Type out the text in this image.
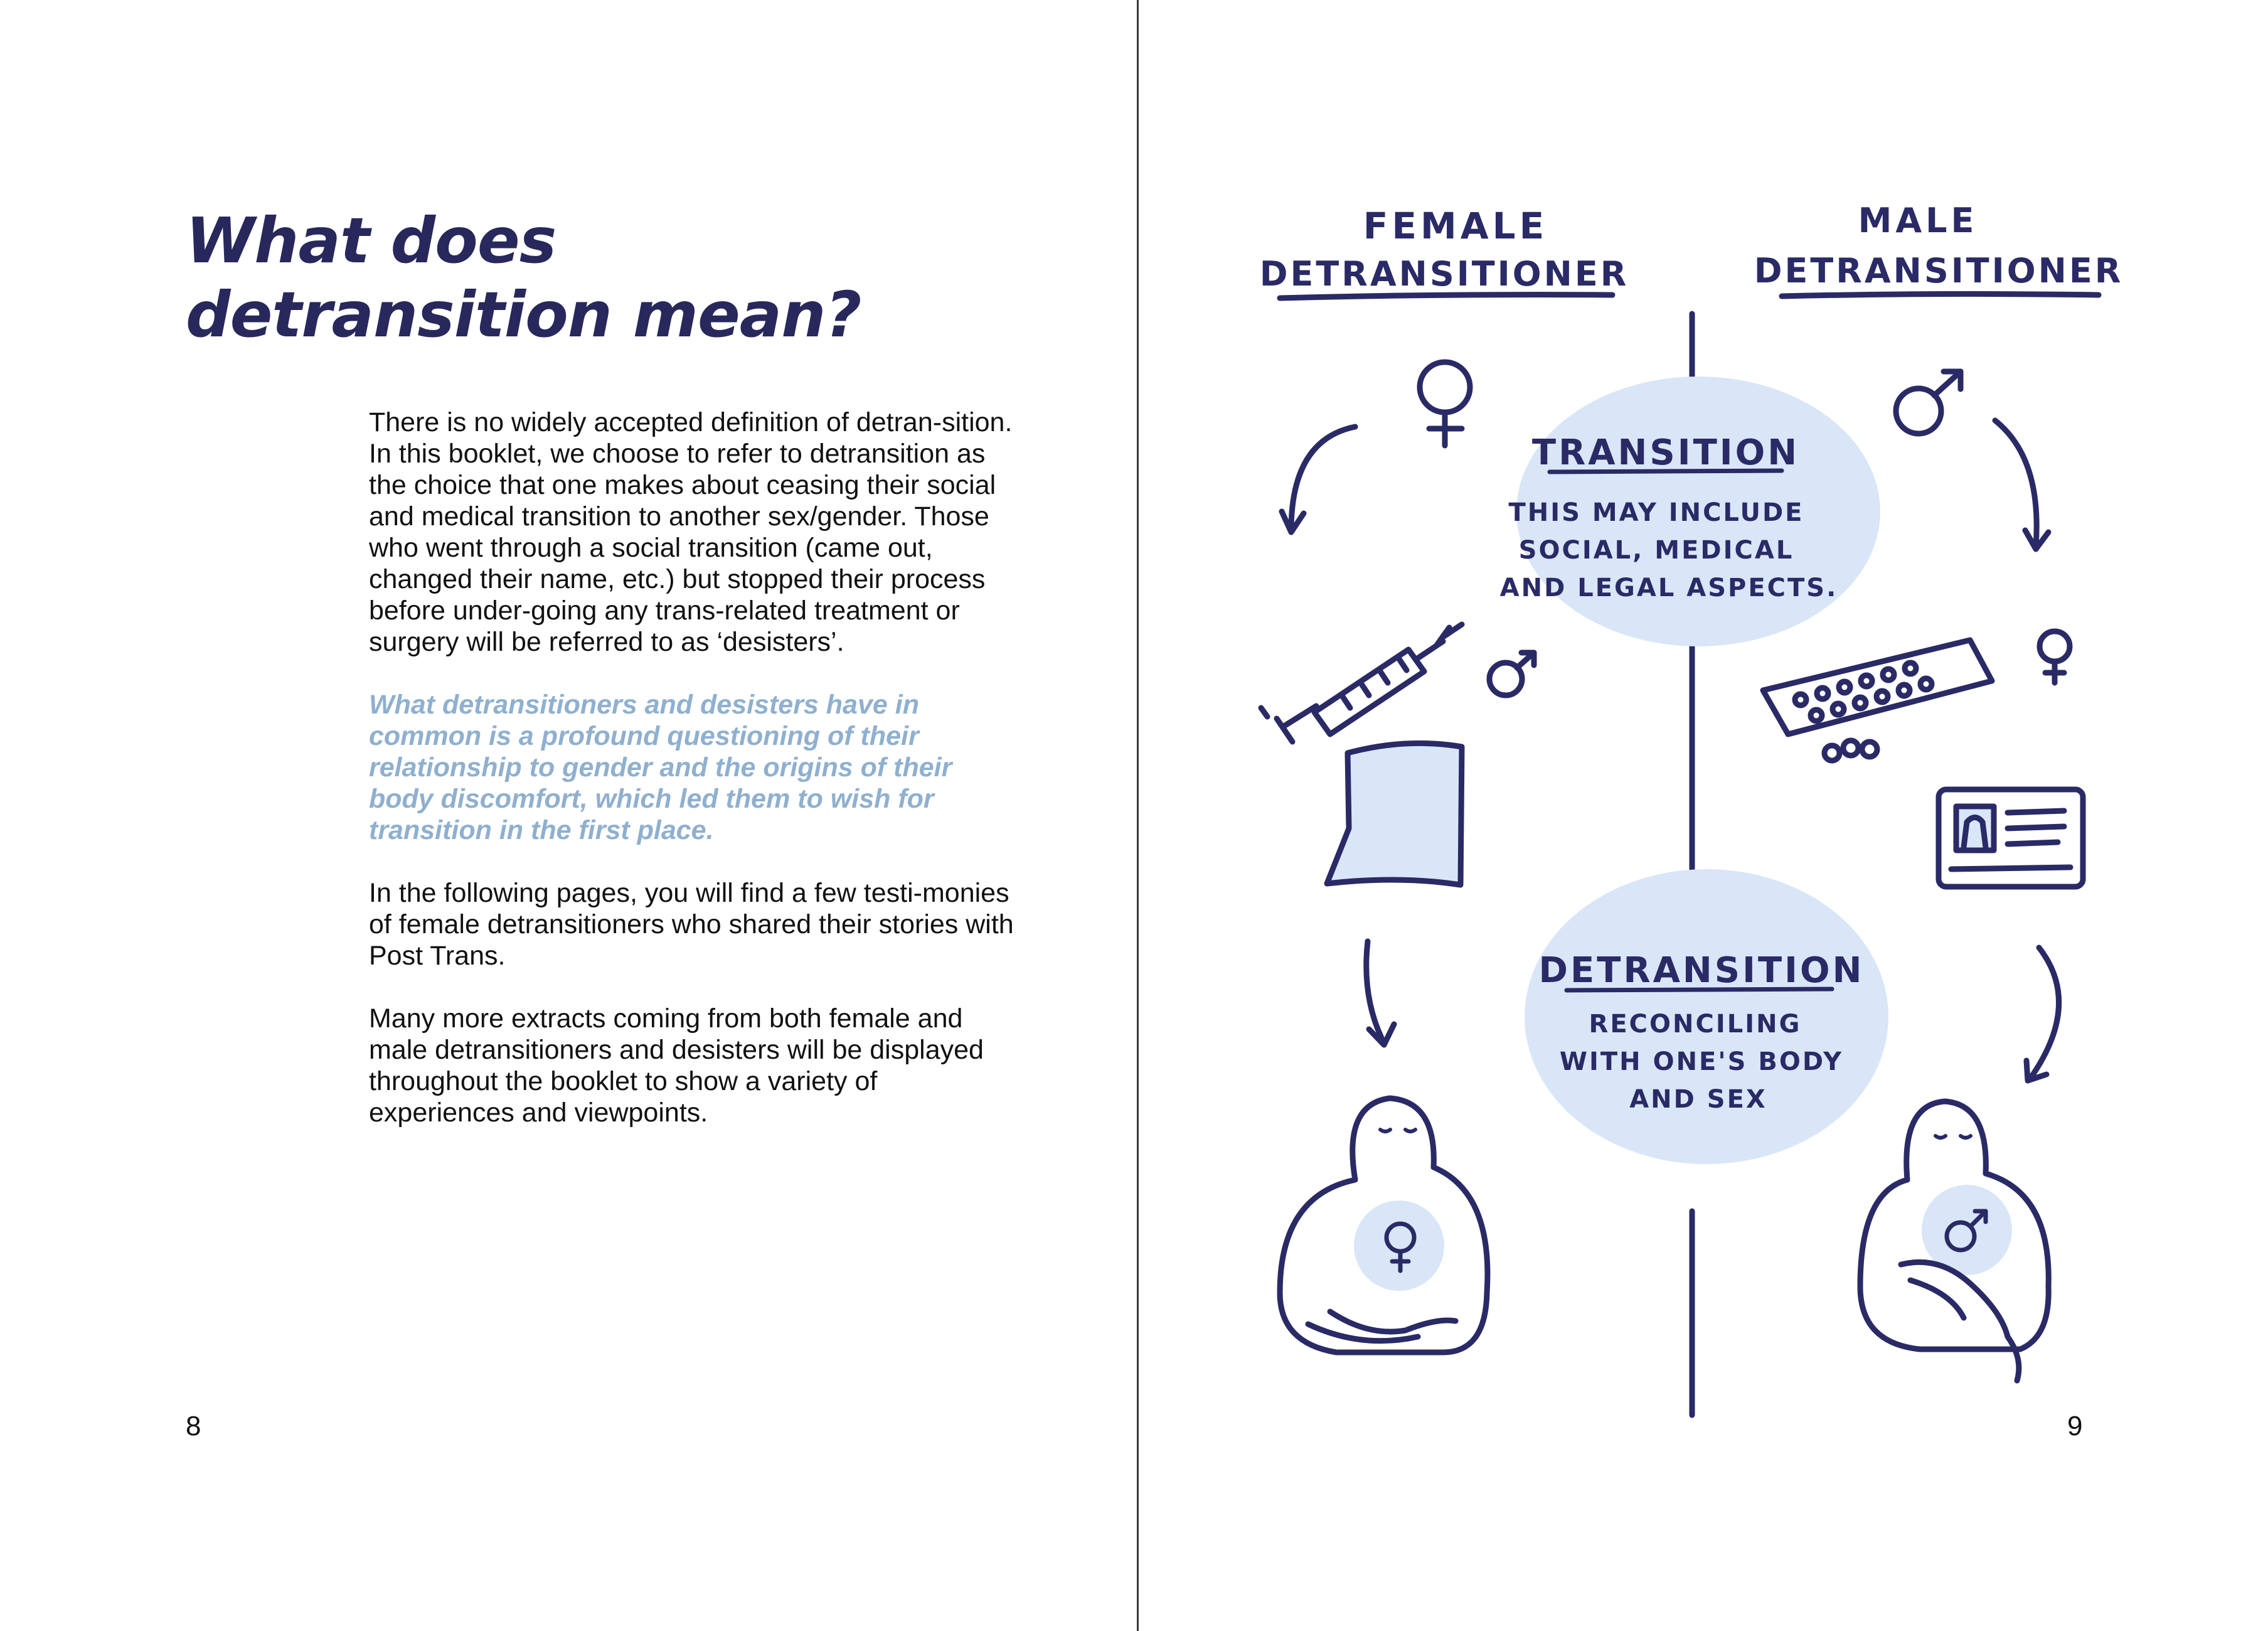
What does
detransition mean?

There is no widely accepted definition of detran-sition. In this booklet, we choose to refer to detransition as the choice that one makes about ceasing their social and medical transition to another sex/gender. Those who went through a social transition (came out, changed their name, etc.) but stopped their process before under-going any trans-related treatment or surgery will be referred to as ‘desisters’.

What detransitioners and desisters have in common is a profound questioning of their relationship to gender and the origins of their body discomfort, which led them to wish for transition in the first place.

In the following pages, you will find a few testi-monies of female detransitioners who shared their stories with Post Trans.

Many more extracts coming from both female and male detransitioners and desisters will be displayed throughout the booklet to show a variety of experiences and viewpoints.

8
FEMALE
DETRANSITIONER
MALE
DETRANSITIONER
TRANSITION
THIS MAY INCLUDE
SOCIAL, MEDICAL
AND LEGAL ASPECTS.
DETRANSITION
RECONCILING
WITH ONE'S BODY
AND SEX
9
